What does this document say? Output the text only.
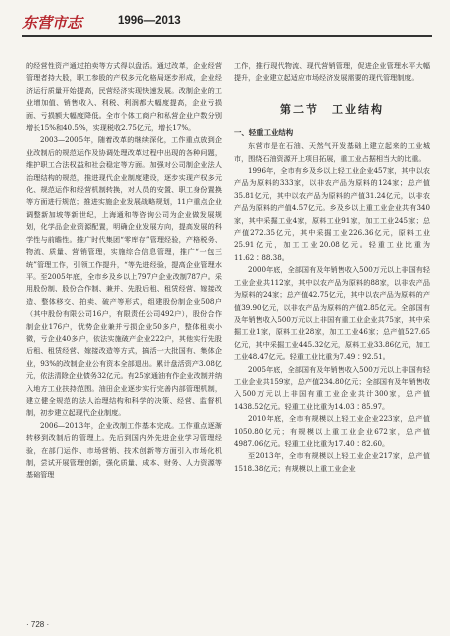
东营市志	1996—2013

的经营性资产通过拍卖等方式得以盘活。通过改革，企业经营管理者持大股，职工参股的产权多元化格局逐步形成，企业经济运行质量开始提高，民营经济实现快速发展。改制企业的工业增加值、销售收入、利税、利润都大幅度提高，企业亏损面、亏损额大幅度降低。全市个体工商户和私营企业户数分别增长15%和40.5%，实现税收2.75亿元，增长17%。

2003—2005年，随着改革的继续深化，工作重点放到企业改制后的规范运作及协调处理改革过程中出现的各种问题，维护职工合法权益和社会稳定等方面。加强对公司制企业法人治理结构的规范，推进现代企业制度建设，逐步实现产权多元化、规范运作和经营机制转换，对人员的安置、职工身份置换等方面进行规范；推进实施企业发展战略规划，11户重点企业调整新加坡等新世纪，上海通和等咨询公司为企业做发展规划，化学品企业资源配置，明确企业发展方向，提高发展的科学性与前瞻性。推广时代集团“零库存”管理经验，产格税务、物流、质量、营销管理，实施综合信息管理，推广“一包三统”管理工作，引领工作提升，“等先进经验，提高企业管理水平。至2005年底，全市乡及乡以上797户企业改制787户。采用股份制、股份合作制、兼并、先股后租、租赁经营、嫁接改造、整体移交、拍卖、破产等形式，组建股份制企业508户（其中股份有限公司16户，有限责任公司492户），股份合作制企业176户，优势企业兼并亏损企业50多户，整体租卖小微，亏企业40多户，依法实施破产企业222户，其他实行先股后租、租赁经营、嫁接改造等方式，搞活一大批国有、集体企业，93%的改制企业公有资本全部退出。累计盘活资产3.08亿元，依法清除企业债务32亿元。有25家通油有作企业改制并纳入地方工业扶持范围。油田企业逐步实行完善内部管理机制，建立健全规范的法人治理结构和科学的决策、经营、监督机制，初步建立起现代企业制度。

2006—2013年，企业改制工作基本完成。工作重点逐渐转移到改制后的管理上。先后到国内外先进企业学习管理经验，在部门运作、市场营销、技术创新等方面引入市场化机制，尝试开展管理创新，强化质量、成本、财务、人力资源等基础管理

工作，推行现代物流、现代营销管理，促进企业管理水平大幅提升，企业建立起适应市场经济发展需要的现代管理制度。

第二节　工业结构
一、轻重工业结构

东营市是在石油、天然气开发基础上建立起来的工业城市，围绕石油资源开上项目拓展，重工业占据相当大的比重。

1996年，全市有乡及乡以上轻工业企业457家，其中以农产品为原料的333家，以非农产品为原料的124家；总产值35.81亿元，其中以农产品为原料的产值31.24亿元，以非农产品为原料的产值4.57亿元。乡及乡以上重工业企业共有340家，其中采掘工业4家，原料工业91家，加工工业245家；总产值272.35亿元，其中采掘工业226.36亿元，原料工业25.91亿元，加工工业20.08亿元。轻重工业比重为11.62∶88.38。

2000年底，全部国有及年销售收入500万元以上非国有轻工业企业共112家，其中以农产品为原料的88家，以非农产品为原料的24家；总产值42.75亿元，其中以农产品为原料的产值39.90亿元，以非农产品为原料的产值2.85亿元。全部国有及年销售收入500万元以上非国有重工业企业共75家，其中采掘工业1家，原料工业28家，加工工业46家；总产值527.65亿元，其中采掘工业445.32亿元，原料工业33.86亿元，加工工业48.47亿元。轻重工业比重为7.49∶92.51。

2005年底，全部国有及年销售收入500万元以上非国有轻工业企业共159家，总产值234.80亿元；全部国有及年销售收入500万元以上非国有重工业企业共计300家，总产值1438.52亿元。轻重工业比重为14.03∶85.97。

2010年底，全市有规模以上轻工业企业223家，总产值1050.80亿元；有规模以上重工业企业672家，总产值4987.06亿元。轻重工业比重为17.40∶82.60。

至2013年，全市有规模以上轻工业企业217家，总产值1518.38亿元；有规模以上重工业企业

· 728 ·
